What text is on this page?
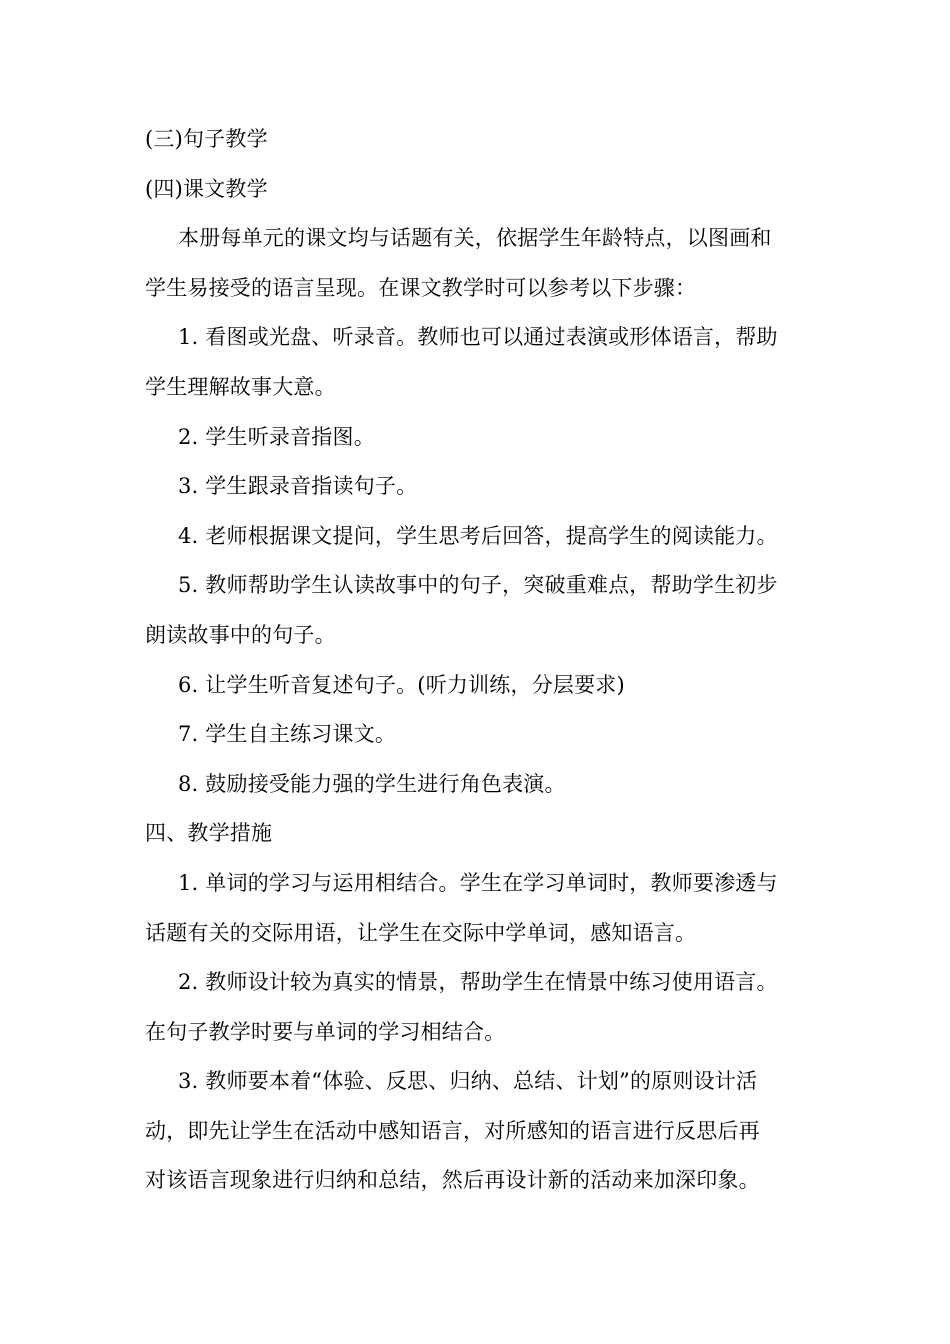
(三)句子教学
(四)课文教学
本册每单元的课文均与话题有关，依据学生年龄特点，以图画和
学生易接受的语言呈现。在课文教学时可以参考以下步骤：
1. 看图或光盘、听录音。教师也可以通过表演或形体语言，帮助
学生理解故事大意。
2. 学生听录音指图。
3. 学生跟录音指读句子。
4. 老师根据课文提问，学生思考后回答，提高学生的阅读能力。
5. 教师帮助学生认读故事中的句子，突破重难点，帮助学生初步
朗读故事中的句子。
6. 让学生听音复述句子。(听力训练，分层要求)
7. 学生自主练习课文。
8. 鼓励接受能力强的学生进行角色表演。
四、教学措施
1. 单词的学习与运用相结合。学生在学习单词时，教师要渗透与
话题有关的交际用语，让学生在交际中学单词，感知语言。
2. 教师设计较为真实的情景，帮助学生在情景中练习使用语言。
在句子教学时要与单词的学习相结合。
3. 教师要本着“体验、反思、归纳、总结、计划”的原则设计活
动，即先让学生在活动中感知语言，对所感知的语言进行反思后再
对该语言现象进行归纳和总结，然后再设计新的活动来加深印象。
